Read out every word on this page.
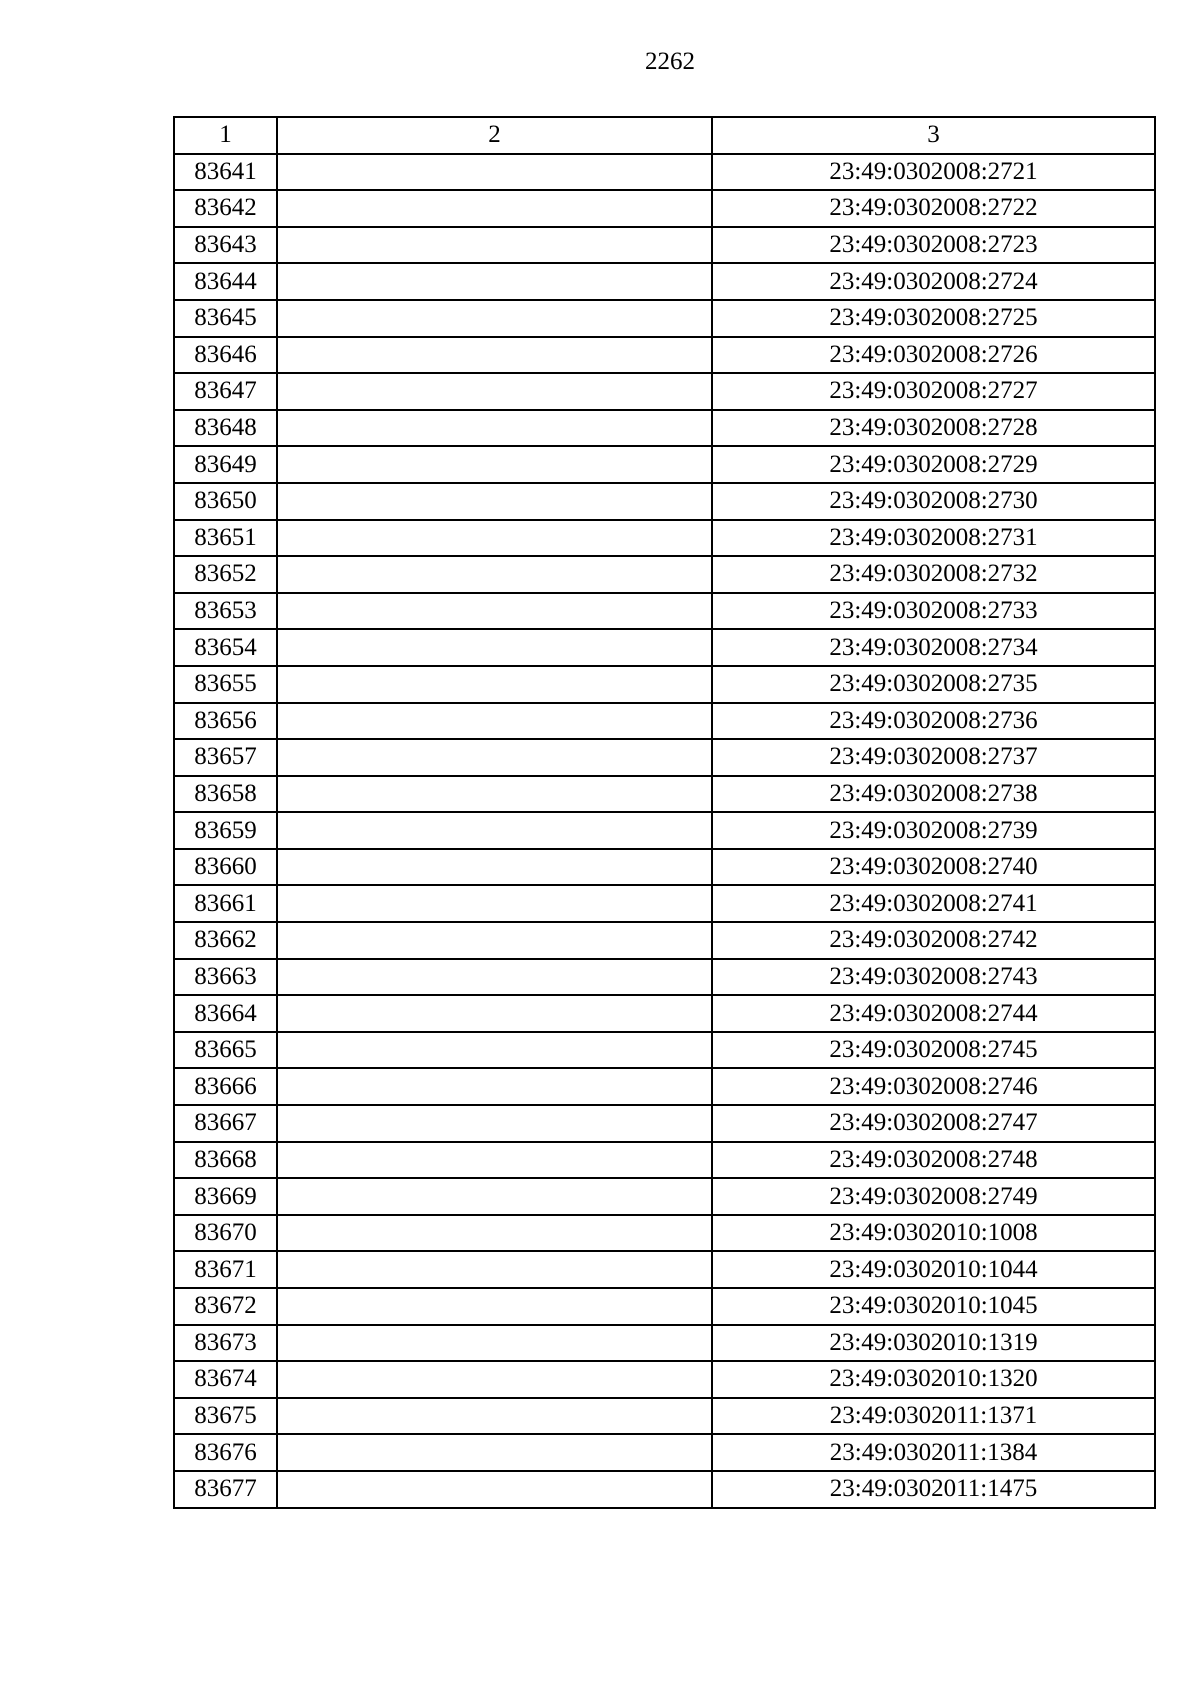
2262
1	2	3
83641		23:49:0302008:2721
83642		23:49:0302008:2722
83643		23:49:0302008:2723
83644		23:49:0302008:2724
83645		23:49:0302008:2725
83646		23:49:0302008:2726
83647		23:49:0302008:2727
83648		23:49:0302008:2728
83649		23:49:0302008:2729
83650		23:49:0302008:2730
83651		23:49:0302008:2731
83652		23:49:0302008:2732
83653		23:49:0302008:2733
83654		23:49:0302008:2734
83655		23:49:0302008:2735
83656		23:49:0302008:2736
83657		23:49:0302008:2737
83658		23:49:0302008:2738
83659		23:49:0302008:2739
83660		23:49:0302008:2740
83661		23:49:0302008:2741
83662		23:49:0302008:2742
83663		23:49:0302008:2743
83664		23:49:0302008:2744
83665		23:49:0302008:2745
83666		23:49:0302008:2746
83667		23:49:0302008:2747
83668		23:49:0302008:2748
83669		23:49:0302008:2749
83670		23:49:0302010:1008
83671		23:49:0302010:1044
83672		23:49:0302010:1045
83673		23:49:0302010:1319
83674		23:49:0302010:1320
83675		23:49:0302011:1371
83676		23:49:0302011:1384
83677		23:49:0302011:1475
